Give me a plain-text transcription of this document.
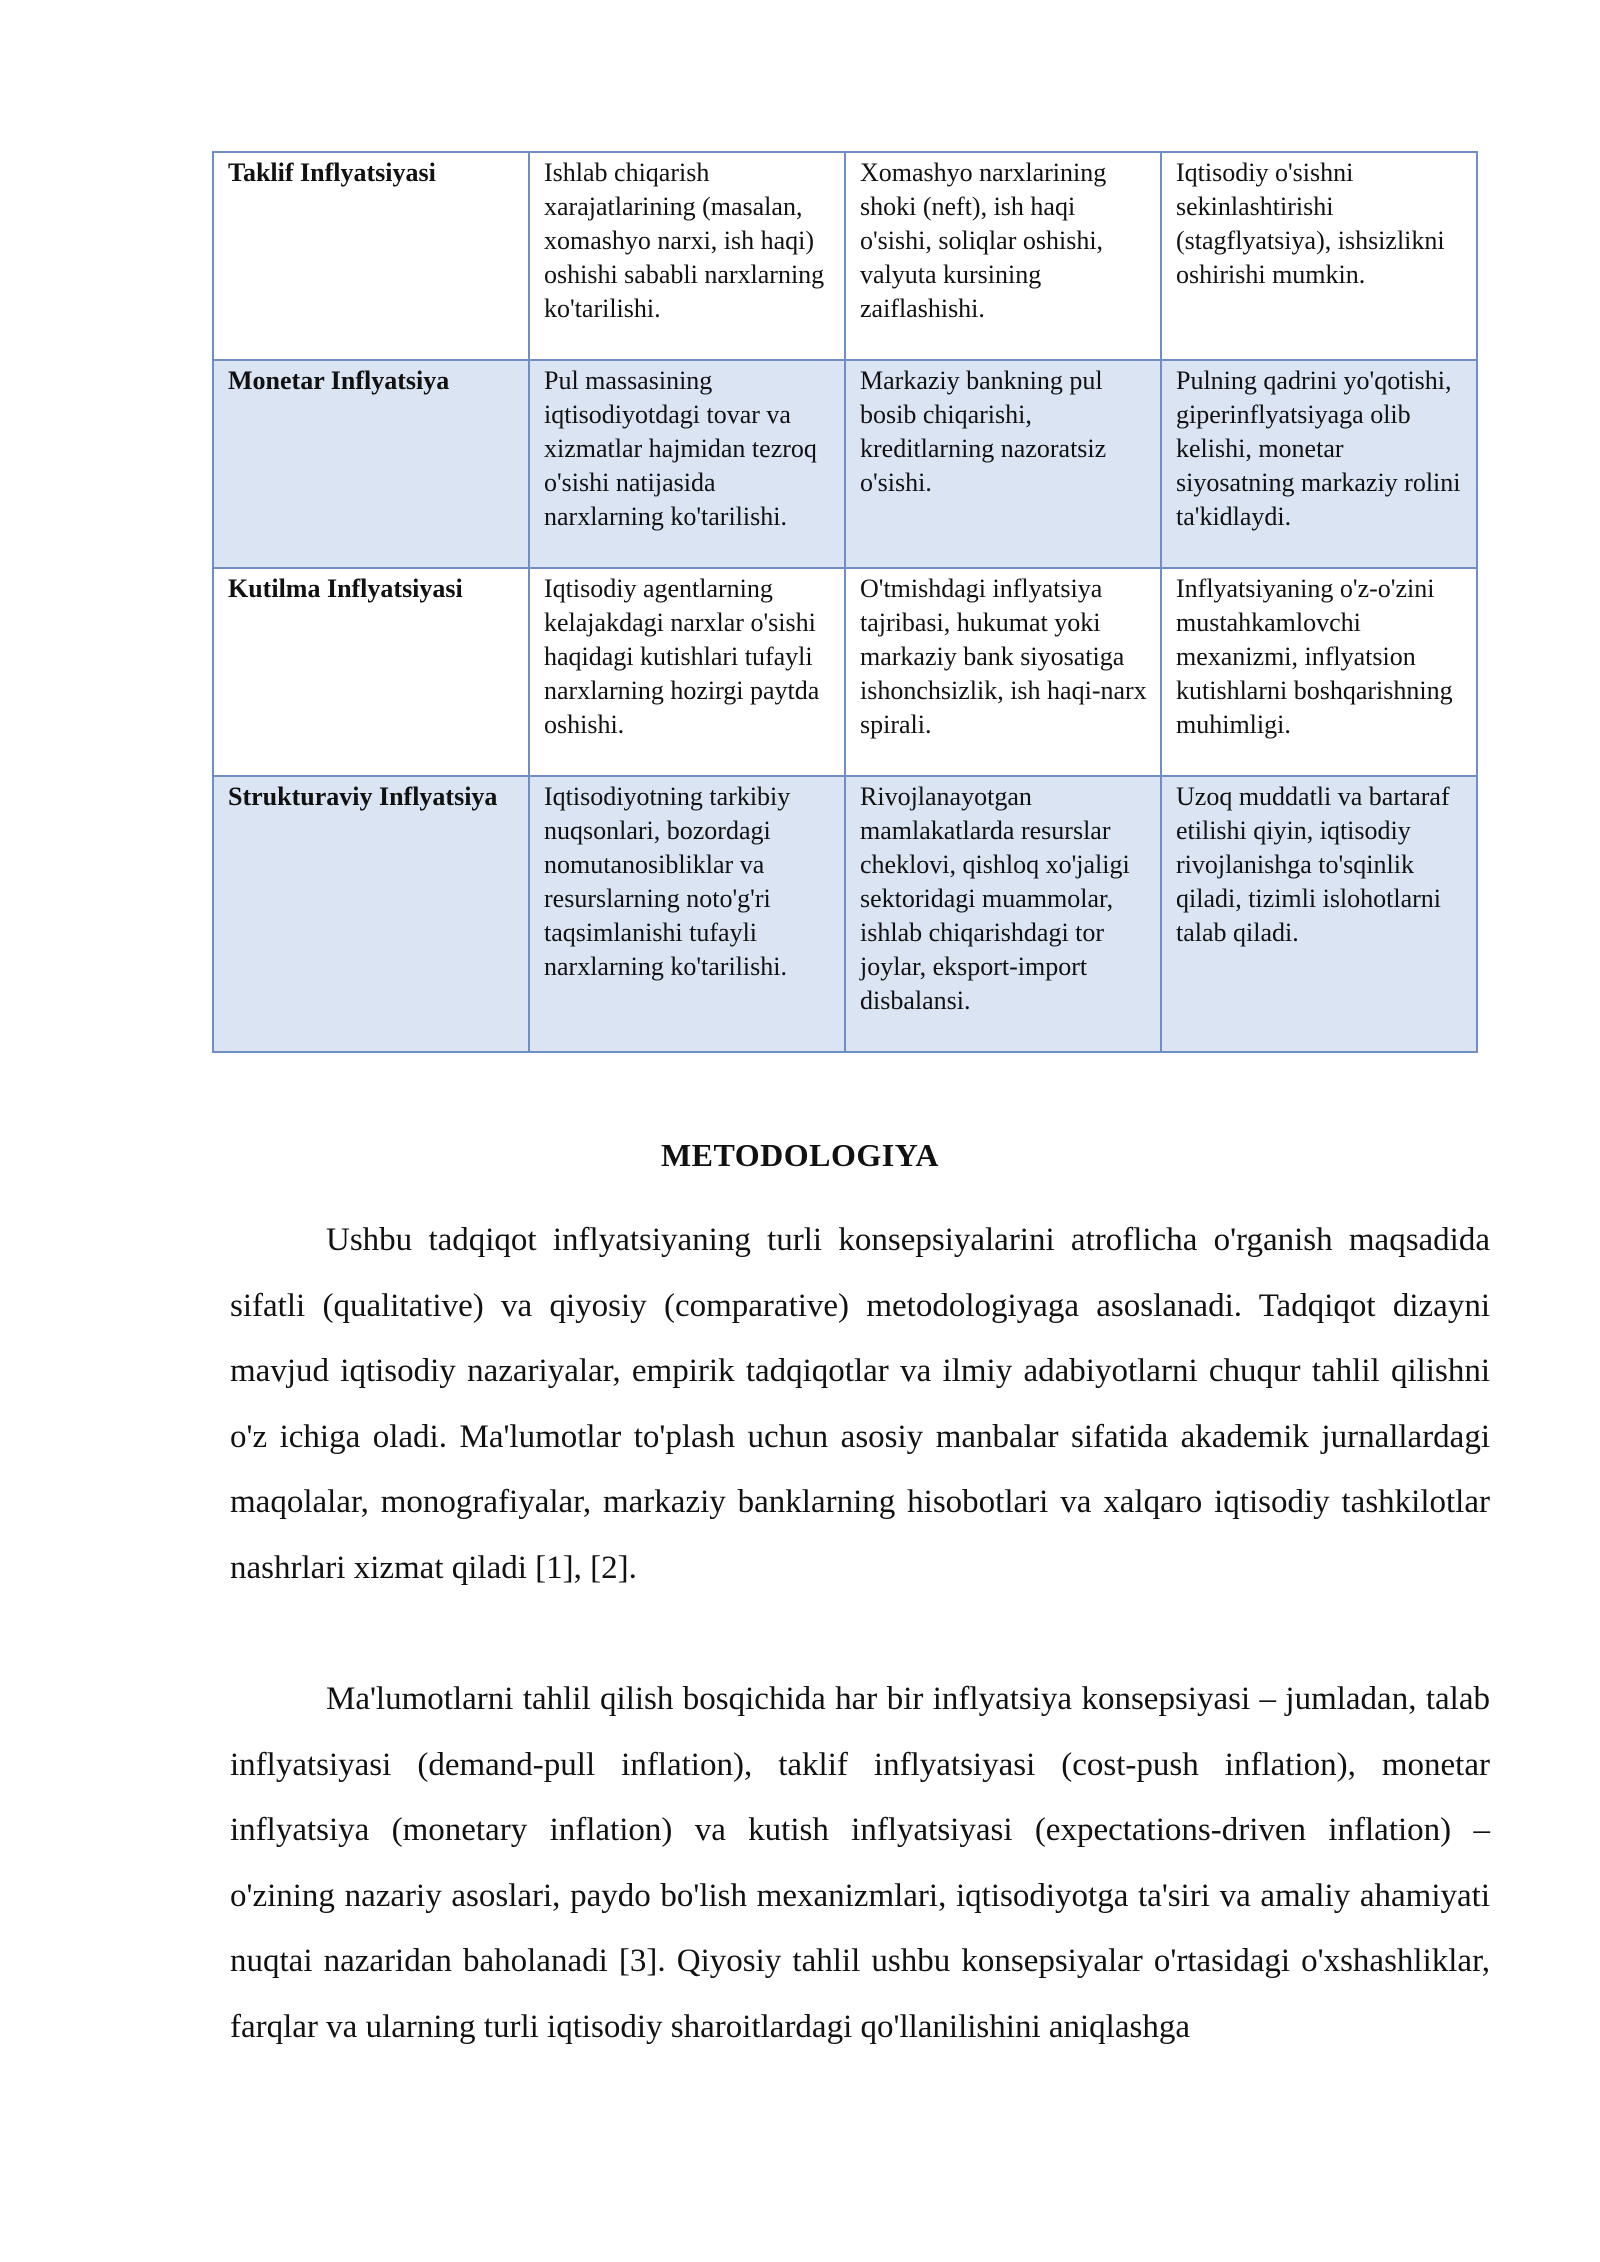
Taklif Inflyatsiyasi	Ishlab chiqarish xarajatlarining (masalan, xomashyo narxi, ish haqi) oshishi sababli narxlarning ko'tarilishi.	Xomashyo narxlarining shoki (neft), ish haqi o'sishi, soliqlar oshishi, valyuta kursining zaiflashishi.	Iqtisodiy o'sishni sekinlashtirishi (stagflyatsiya), ishsizlikni oshirishi mumkin.
Monetar Inflyatsiya	Pul massasining iqtisodiyotdagi tovar va xizmatlar hajmidan tezroq o'sishi natijasida narxlarning ko'tarilishi.	Markaziy bankning pul bosib chiqarishi, kreditlarning nazoratsiz o'sishi.	Pulning qadrini yo'qotishi, giperinflyatsiyaga olib kelishi, monetar siyosatning markaziy rolini ta'kidlaydi.
Kutilma Inflyatsiyasi	Iqtisodiy agentlarning kelajakdagi narxlar o'sishi haqidagi kutishlari tufayli narxlarning hozirgi paytda oshishi.	O'tmishdagi inflyatsiya tajribasi, hukumat yoki markaziy bank siyosatiga ishonchsizlik, ish haqi-narx spirali.	Inflyatsiyaning o'z-o'zini mustahkamlovchi mexanizmi, inflyatsion kutishlarni boshqarishning muhimligi.
Strukturaviy Inflyatsiya	Iqtisodiyotning tarkibiy nuqsonlari, bozordagi nomutanosibliklar va resurslarning noto'g'ri taqsimlanishi tufayli narxlarning ko'tarilishi.	Rivojlanayotgan mamlakatlarda resurslar cheklovi, qishloq xo'jaligi sektoridagi muammolar, ishlab chiqarishdagi tor joylar, eksport-import disbalansi.	Uzoq muddatli va bartaraf etilishi qiyin, iqtisodiy rivojlanishga to'sqinlik qiladi, tizimli islohotlarni talab qiladi.
METODOLOGIYA

Ushbu tadqiqot inflyatsiyaning turli konsepsiyalarini atroflicha o'rganish maqsadida sifatli (qualitative) va qiyosiy (comparative) metodologiyaga asoslanadi. Tadqiqot dizayni mavjud iqtisodiy nazariyalar, empirik tadqiqotlar va ilmiy adabiyotlarni chuqur tahlil qilishni o'z ichiga oladi. Ma'lumotlar to'plash uchun asosiy manbalar sifatida akademik jurnallardagi maqolalar, monografiyalar, markaziy banklarning hisobotlari va xalqaro iqtisodiy tashkilotlar nashrlari xizmat qiladi [1], [2].

Ma'lumotlarni tahlil qilish bosqichida har bir inflyatsiya konsepsiyasi – jumladan, talab inflyatsiyasi (demand-pull inflation), taklif inflyatsiyasi (cost-push inflation), monetar inflyatsiya (monetary inflation) va kutish inflyatsiyasi (expectations-driven inflation) – o'zining nazariy asoslari, paydo bo'lish mexanizmlari, iqtisodiyotga ta'siri va amaliy ahamiyati nuqtai nazaridan baholanadi [3]. Qiyosiy tahlil ushbu konsepsiyalar o'rtasidagi o'xshashliklar, farqlar va ularning turli iqtisodiy sharoitlardagi qo'llanilishini aniqlashga
